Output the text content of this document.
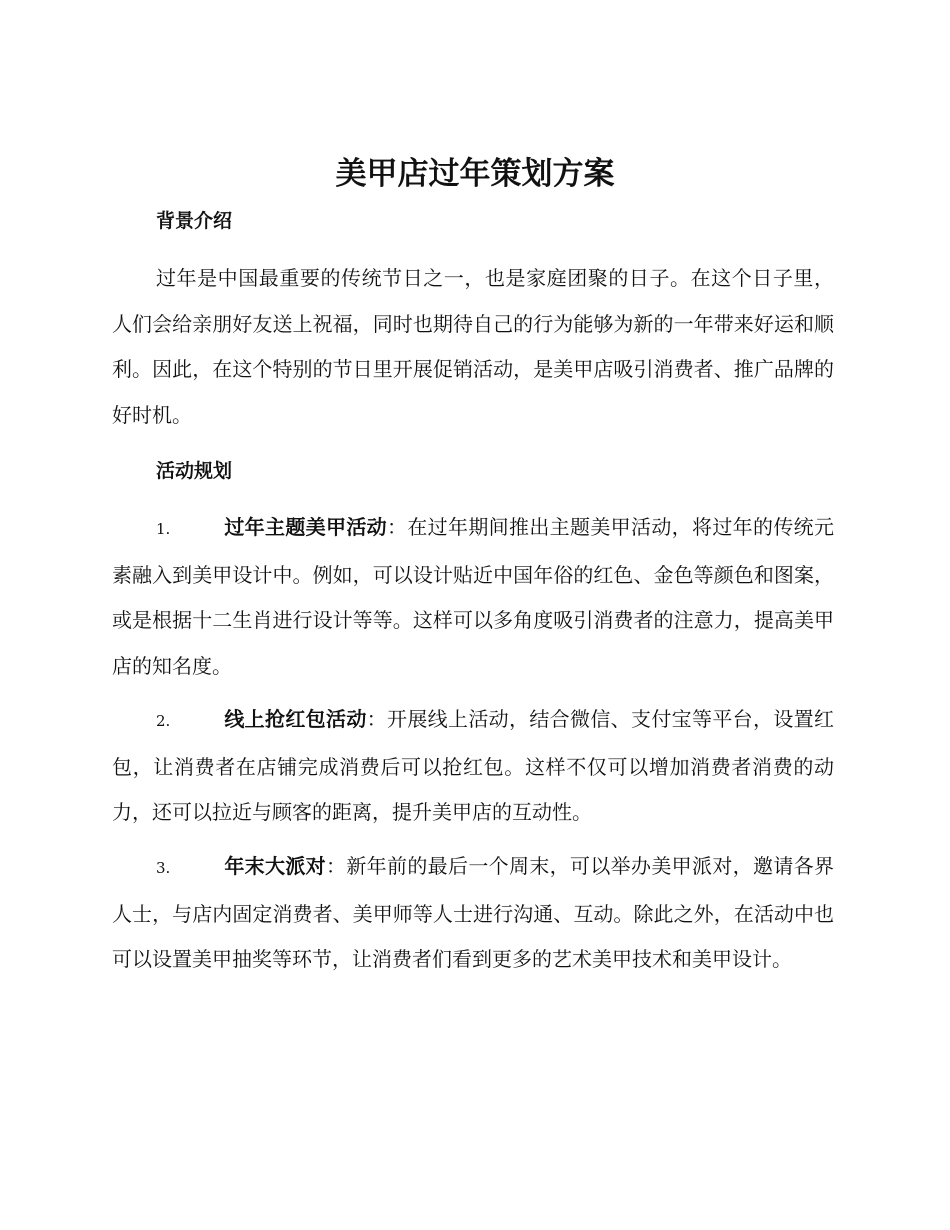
美甲店过年策划方案
背景介绍

过年是中国最重要的传统节日之一，也是家庭团聚的日子。在这个日子里，人们会给亲朋好友送上祝福，同时也期待自己的行为能够为新的一年带来好运和顺利。因此，在这个特别的节日里开展促销活动，是美甲店吸引消费者、推广品牌的好时机。

活动规划

1.	过年主题美甲活动：在过年期间推出主题美甲活动，将过年的传统元素融入到美甲设计中。例如，可以设计贴近中国年俗的红色、金色等颜色和图案，或是根据十二生肖进行设计等等。这样可以多角度吸引消费者的注意力，提高美甲店的知名度。

2.	线上抢红包活动：开展线上活动，结合微信、支付宝等平台，设置红包，让消费者在店铺完成消费后可以抢红包。这样不仅可以增加消费者消费的动力，还可以拉近与顾客的距离，提升美甲店的互动性。

3.	年末大派对：新年前的最后一个周末，可以举办美甲派对，邀请各界人士，与店内固定消费者、美甲师等人士进行沟通、互动。除此之外，在活动中也可以设置美甲抽奖等环节，让消费者们看到更多的艺术美甲技术和美甲设计。
